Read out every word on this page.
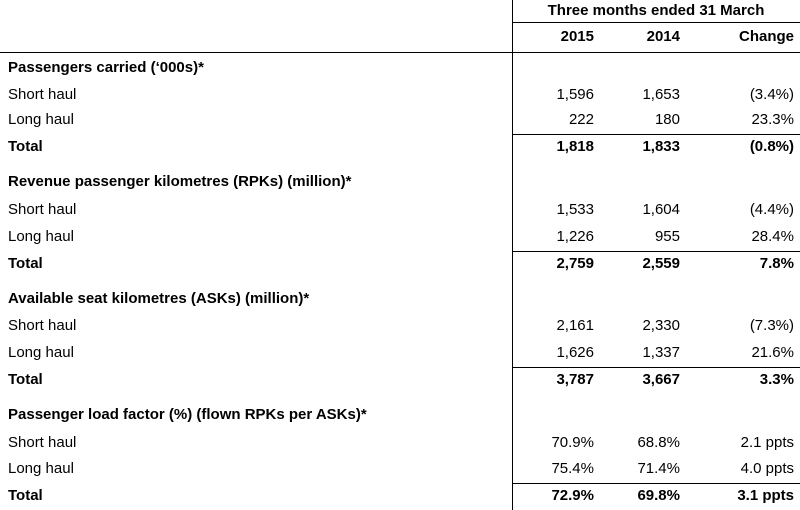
Three months ended 31 March
2015	2014	Change
Passengers carried (‘000s)*
Short haul	1,596	1,653	(3.4%)
Long haul	222	180	23.3%
Total	1,818	1,833	(0.8%)
Revenue passenger kilometres (RPKs) (million)*
Short haul	1,533	1,604	(4.4%)
Long haul	1,226	955	28.4%
Total	2,759	2,559	7.8%
Available seat kilometres (ASKs) (million)*
Short haul	2,161	2,330	(7.3%)
Long haul	1,626	1,337	21.6%
Total	3,787	3,667	3.3%
Passenger load factor (%) (flown RPKs per ASKs)*
Short haul	70.9%	68.8%	2.1 ppts
Long haul	75.4%	71.4%	4.0 ppts
Total	72.9%	69.8%	3.1 ppts
